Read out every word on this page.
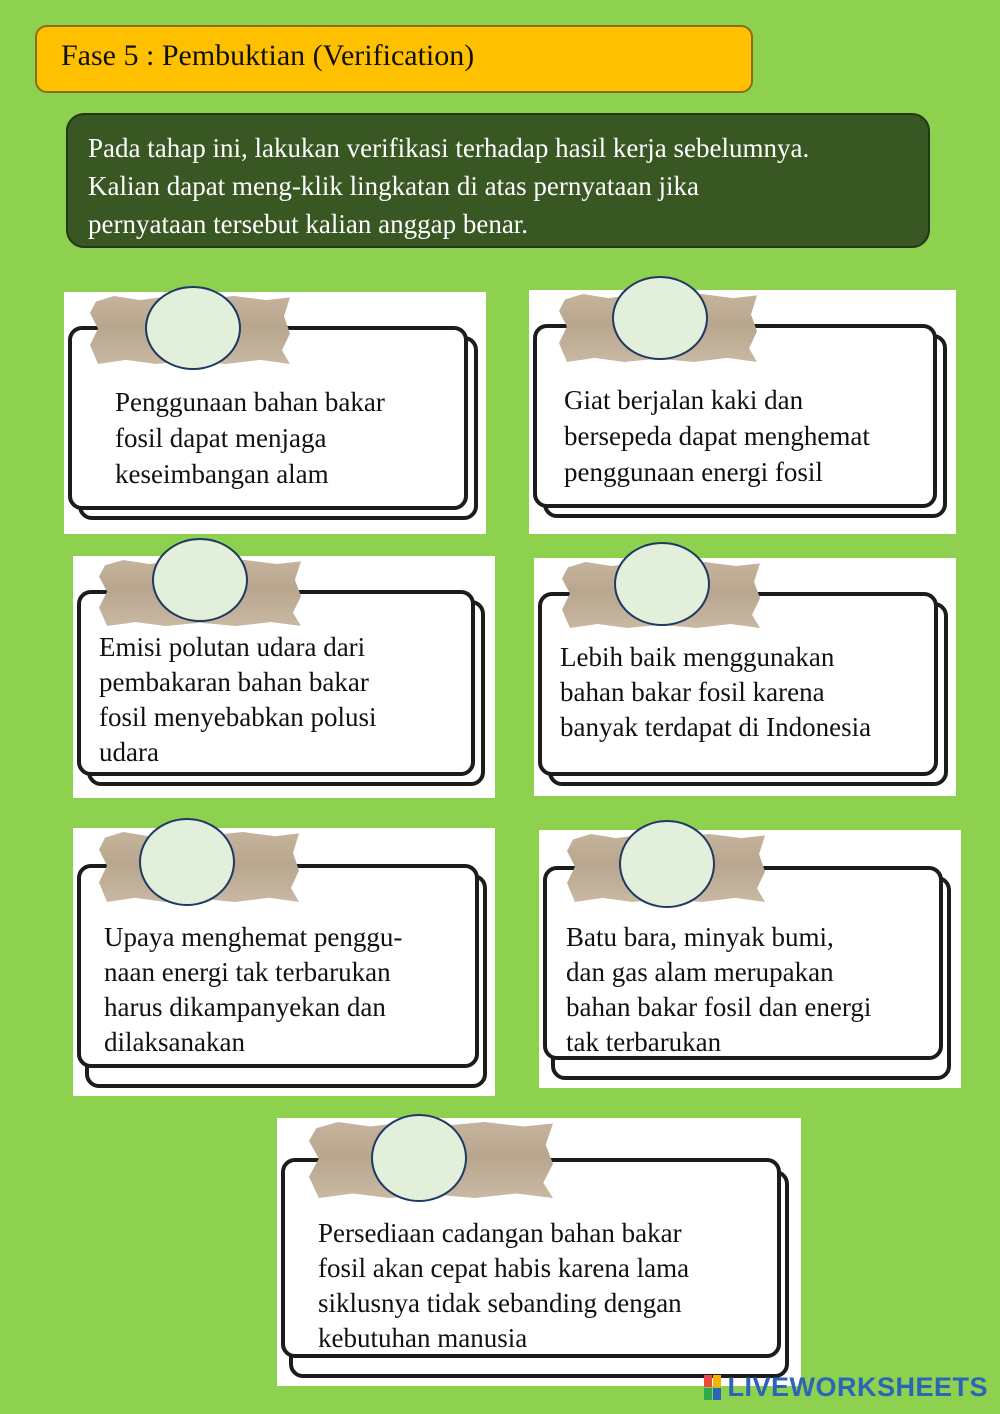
Fase 5 : Pembuktian (Verification)

Pada tahap ini, lakukan verifikasi terhadap hasil kerja sebelumnya.
Kalian dapat meng-klik lingkatan di atas pernyataan jika
pernyataan tersebut kalian anggap benar.

Penggunaan bahan bakar
fosil dapat menjaga
keseimbangan alam

Giat berjalan kaki dan
bersepeda dapat menghemat
penggunaan energi fosil

Emisi polutan udara dari
pembakaran bahan bakar
fosil menyebabkan polusi
udara

Lebih baik menggunakan
bahan bakar fosil karena
banyak terdapat di Indonesia

Upaya menghemat penggu-
naan energi tak terbarukan
harus dikampanyekan dan
dilaksanakan

Batu bara, minyak bumi,
dan gas alam merupakan
bahan bakar fosil dan energi
tak terbarukan

Persediaan cadangan bahan bakar
fosil akan cepat habis karena lama
siklusnya tidak sebanding dengan
kebutuhan manusia

LIVEWORKSHEETS
